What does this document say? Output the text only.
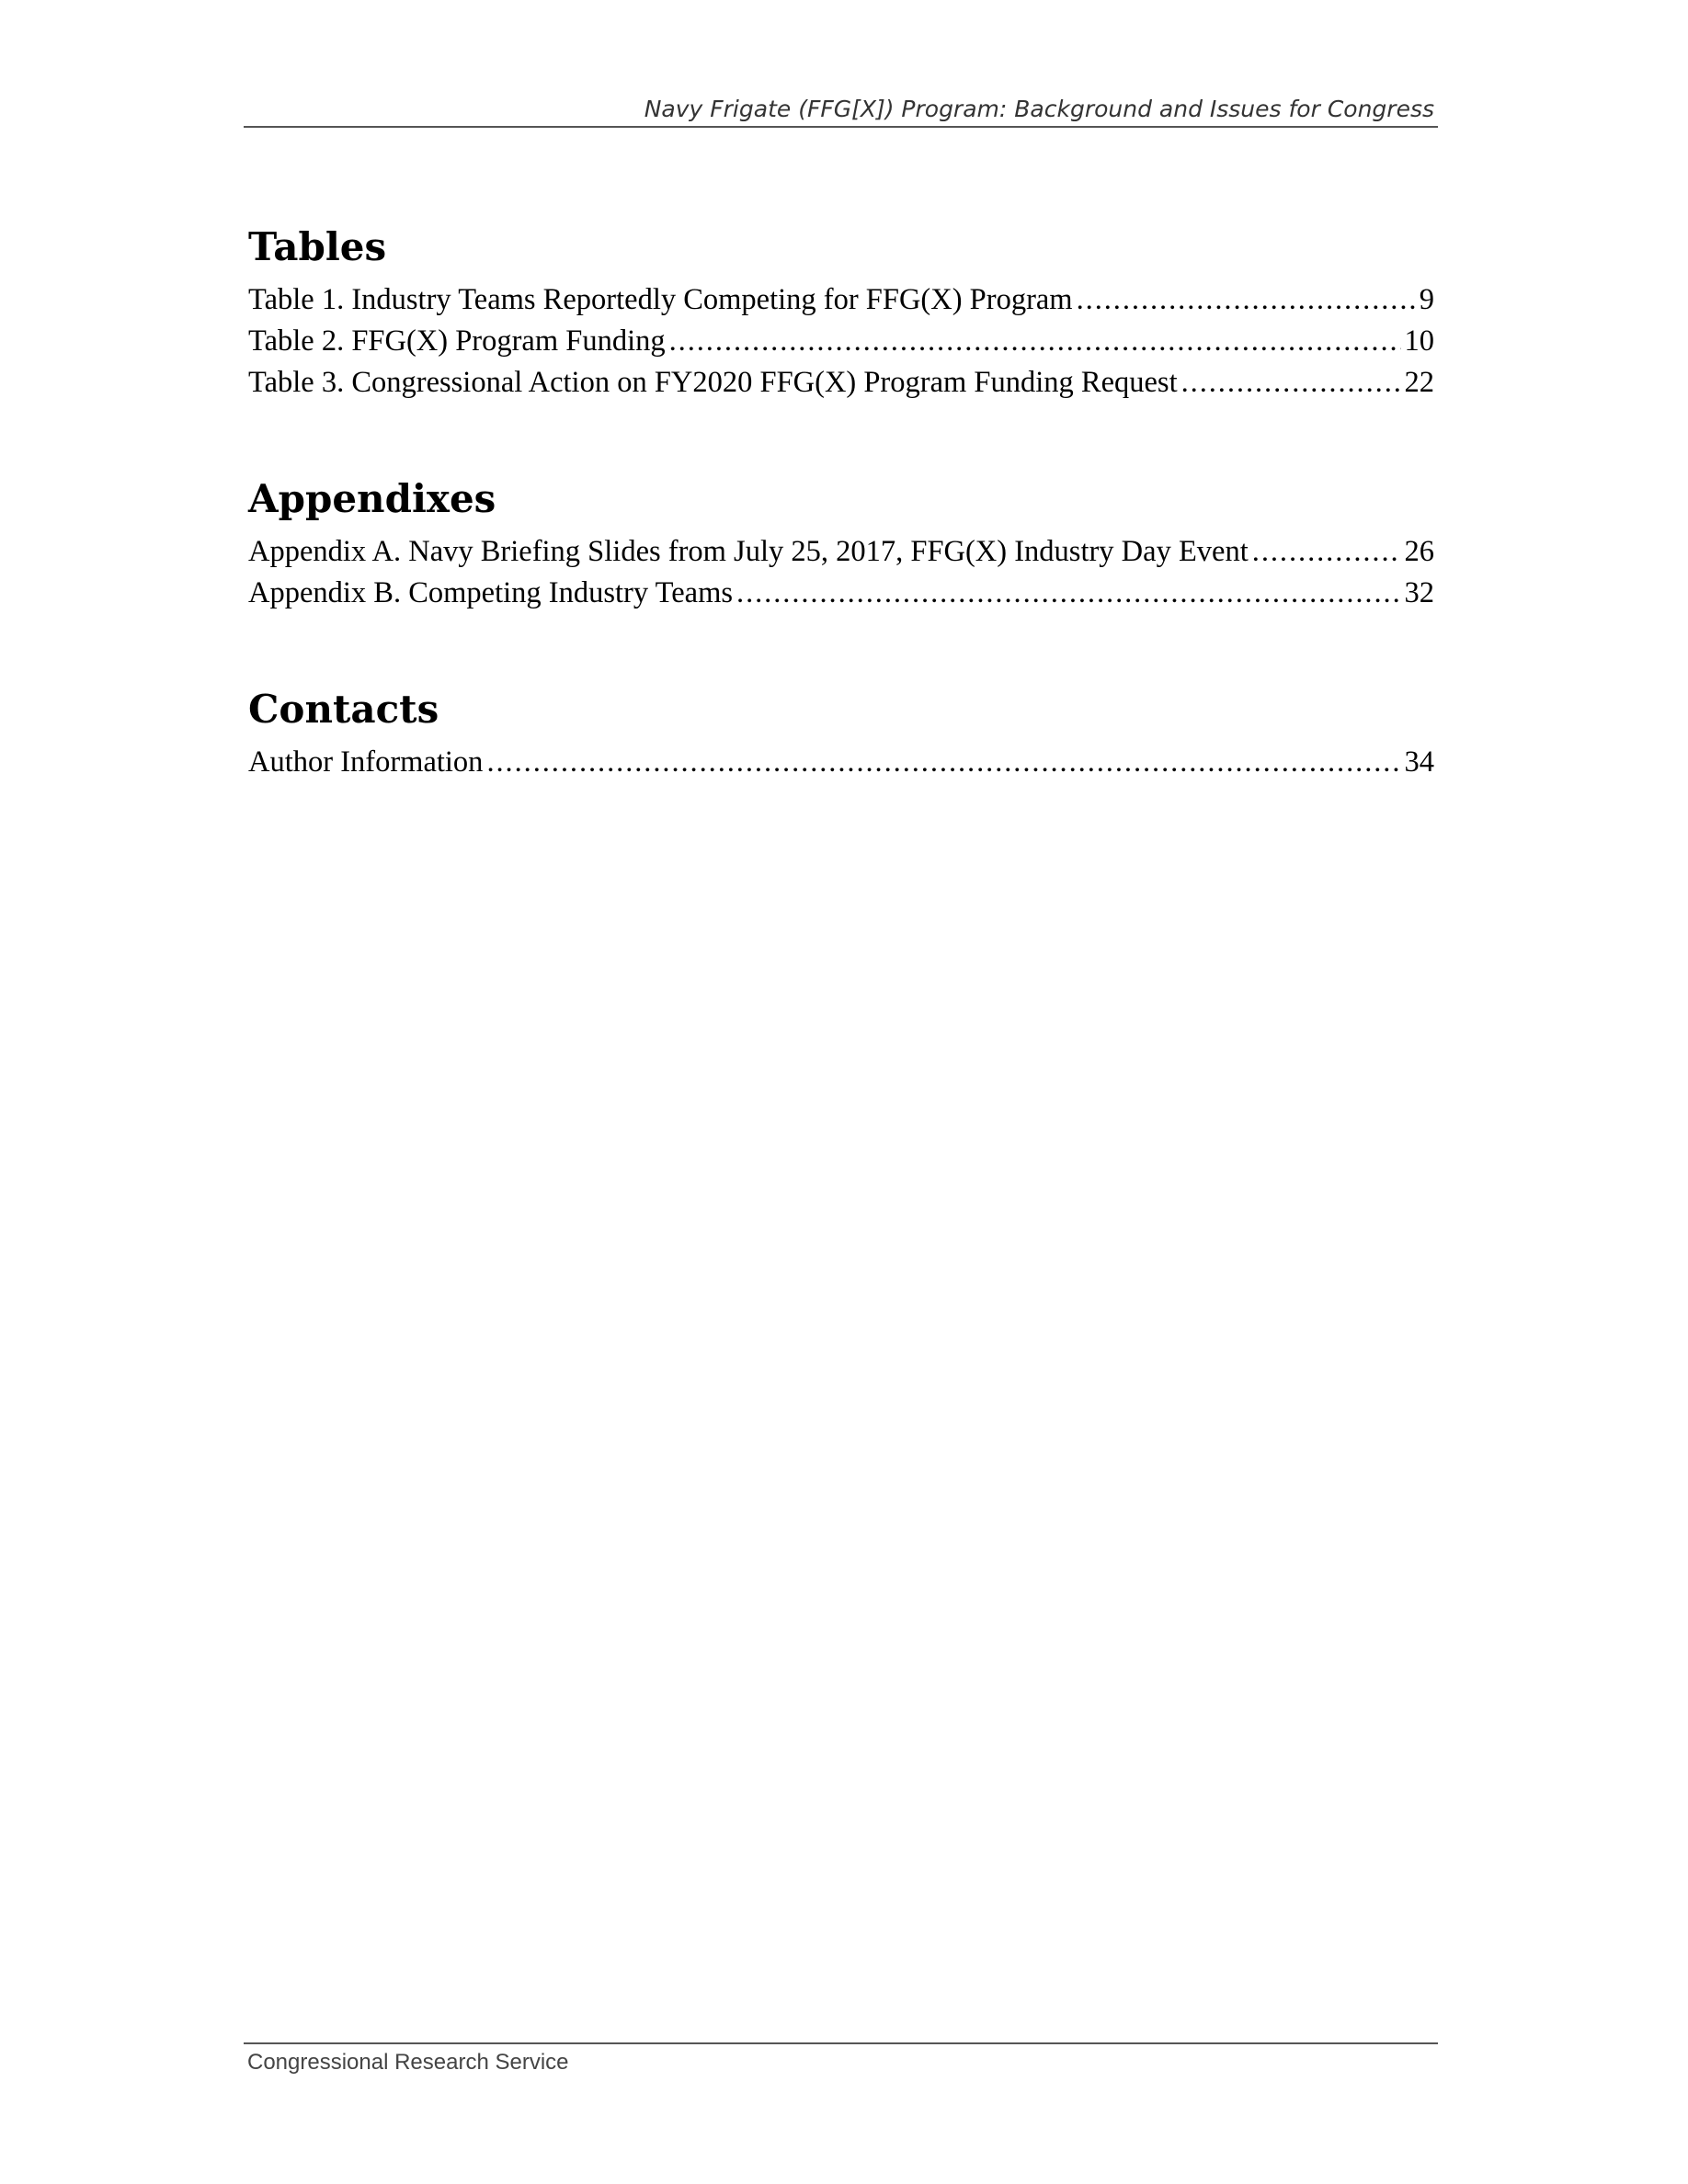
Navy Frigate (FFG[X]) Program: Background and Issues for Congress
Tables
Table 1. Industry Teams Reportedly Competing for FFG(X) Program . . .	9
Table 2. FFG(X) Program Funding . . .	10
Table 3. Congressional Action on FY2020 FFG(X) Program Funding Request . . .	22
Appendixes
Appendix A. Navy Briefing Slides from July 25, 2017, FFG(X) Industry Day Event . . .	26
Appendix B. Competing Industry Teams . . .	32
Contacts
Author Information . . .	34
Congressional Research Service
